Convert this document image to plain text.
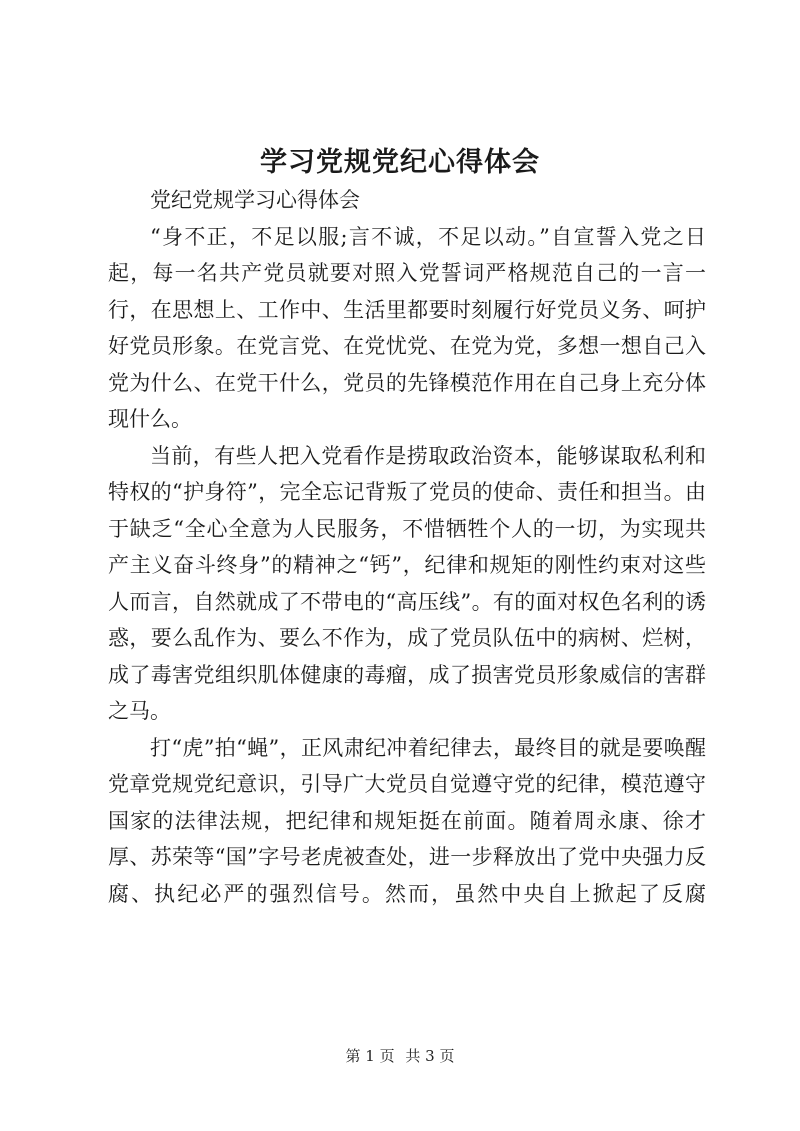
学习党规党纪心得体会

党纪党规学习心得体会

“身不正，不足以服;言不诚，不足以动。”自宣誓入党之日起，每一名共产党员就要对照入党誓词严格规范自己的一言一行，在思想上、工作中、生活里都要时刻履行好党员义务、呵护好党员形象。在党言党、在党忧党、在党为党，多想一想自己入党为什么、在党干什么，党员的先锋模范作用在自己身上充分体现什么。

当前，有些人把入党看作是捞取政治资本，能够谋取私利和特权的“护身符”，完全忘记背叛了党员的使命、责任和担当。由于缺乏“全心全意为人民服务，不惜牺牲个人的一切，为实现共产主义奋斗终身”的精神之“钙”，纪律和规矩的刚性约束对这些人而言，自然就成了不带电的“高压线”。有的面对权色名利的诱惑，要么乱作为、要么不作为，成了党员队伍中的病树、烂树，成了毒害党组织肌体健康的毒瘤，成了损害党员形象威信的害群之马。

打“虎”拍“蝇”，正风肃纪冲着纪律去，最终目的就是要唤醒党章党规党纪意识，引导广大党员自觉遵守党的纪律，模范遵守国家的法律法规，把纪律和规矩挺在前面。随着周永康、徐才厚、苏荣等“国”字号老虎被查处，进一步释放出了党中央强力反腐、执纪必严的强烈信号。然而，虽然中央自上掀起了反腐

第 1 页 共 3 页
